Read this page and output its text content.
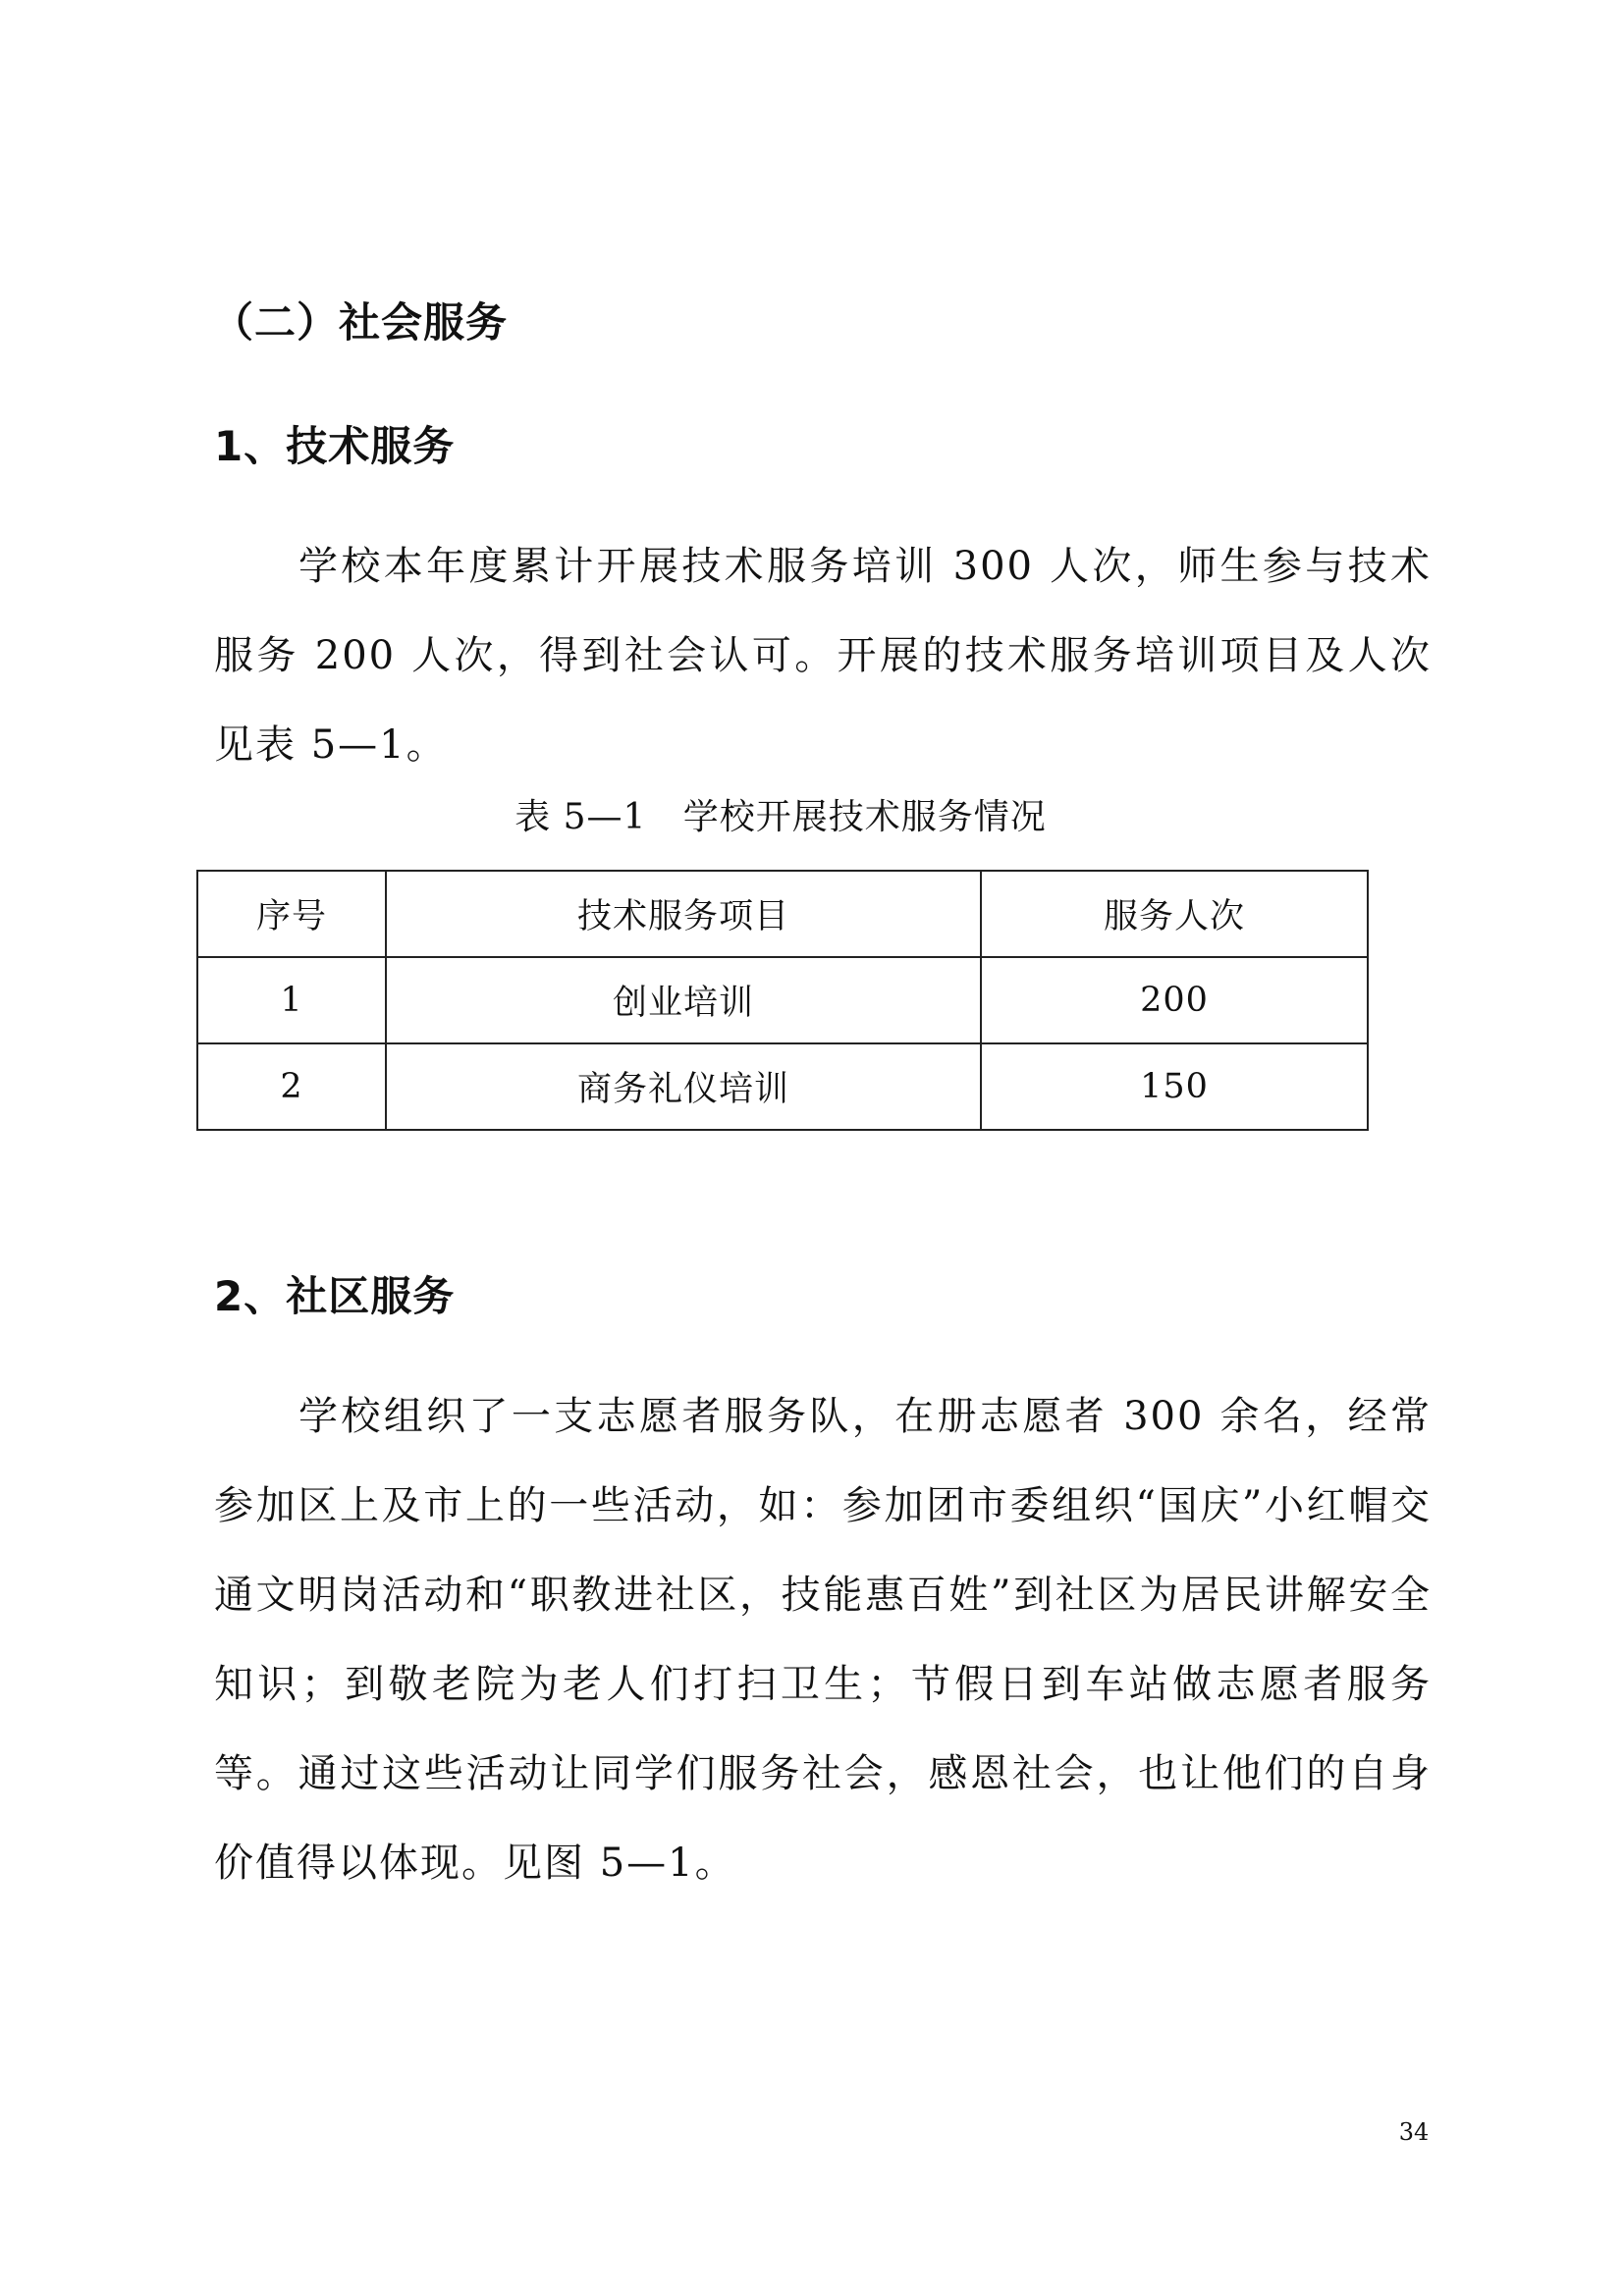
（二）社会服务
1、技术服务
学校本年度累计开展技术服务培训 300 人次，师生参与技术服务 200 人次，得到社会认可。开展的技术服务培训项目及人次见表 5—1。
表 5—1   学校开展技术服务情况
序号	技术服务项目	服务人次
1	创业培训	200
2	商务礼仪培训	150
2、社区服务
学校组织了一支志愿者服务队，在册志愿者 300 余名，经常参加区上及市上的一些活动，如：参加团市委组织“国庆”小红帽交通文明岗活动和“职教进社区，技能惠百姓”到社区为居民讲解安全知识；到敬老院为老人们打扫卫生；节假日到车站做志愿者服务等。通过这些活动让同学们服务社会，感恩社会，也让他们的自身价值得以体现。见图 5—1。
34
